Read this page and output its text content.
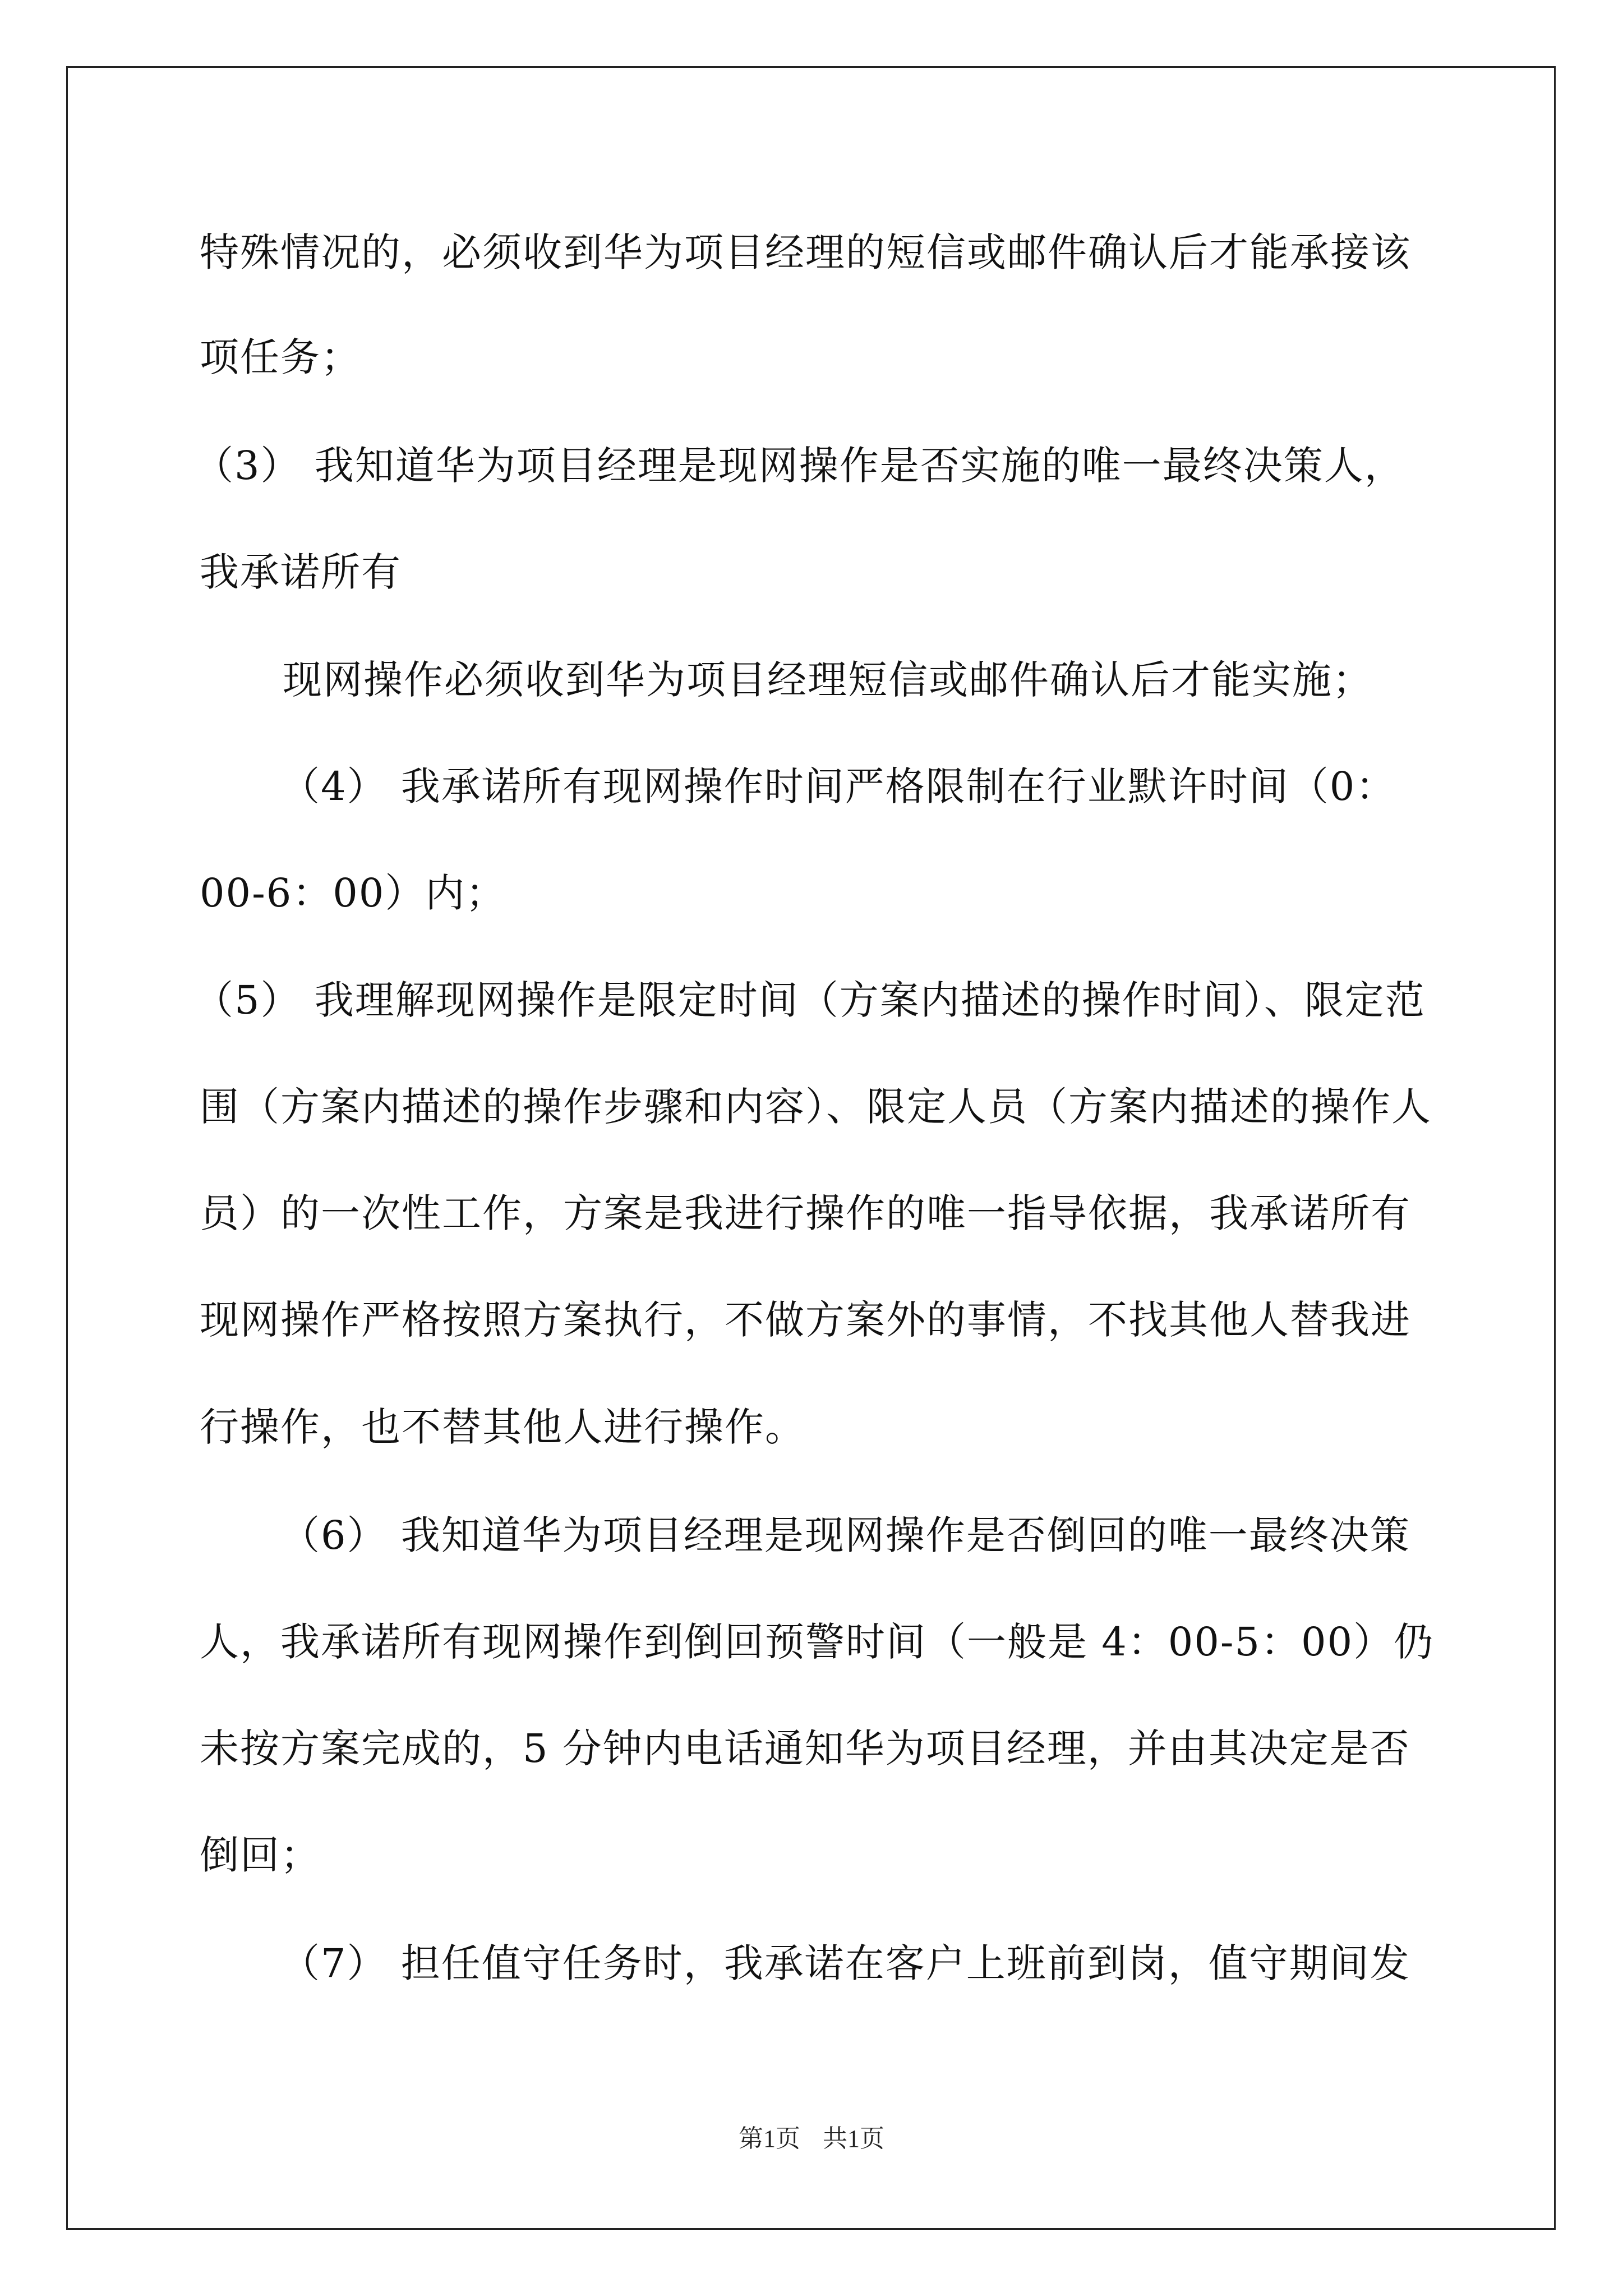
特殊情况的，必须收到华为项目经理的短信或邮件确认后才能承接该
项任务；
（3） 我知道华为项目经理是现网操作是否实施的唯一最终决策人，
我承诺所有
现网操作必须收到华为项目经理短信或邮件确认后才能实施；
（4） 我承诺所有现网操作时间严格限制在行业默许时间（0：
00-6：00）内；
（5） 我理解现网操作是限定时间（方案内描述的操作时间）、限定范
围（方案内描述的操作步骤和内容）、限定人员（方案内描述的操作人
员）的一次性工作，方案是我进行操作的唯一指导依据，我承诺所有
现网操作严格按照方案执行，不做方案外的事情，不找其他人替我进
行操作，也不替其他人进行操作。
（6） 我知道华为项目经理是现网操作是否倒回的唯一最终决策
人，我承诺所有现网操作到倒回预警时间（一般是 4：00-5：00）仍
未按方案完成的，5 分钟内电话通知华为项目经理，并由其决定是否
倒回；
（7） 担任值守任务时，我承诺在客户上班前到岗，值守期间发
第1页 共1页
